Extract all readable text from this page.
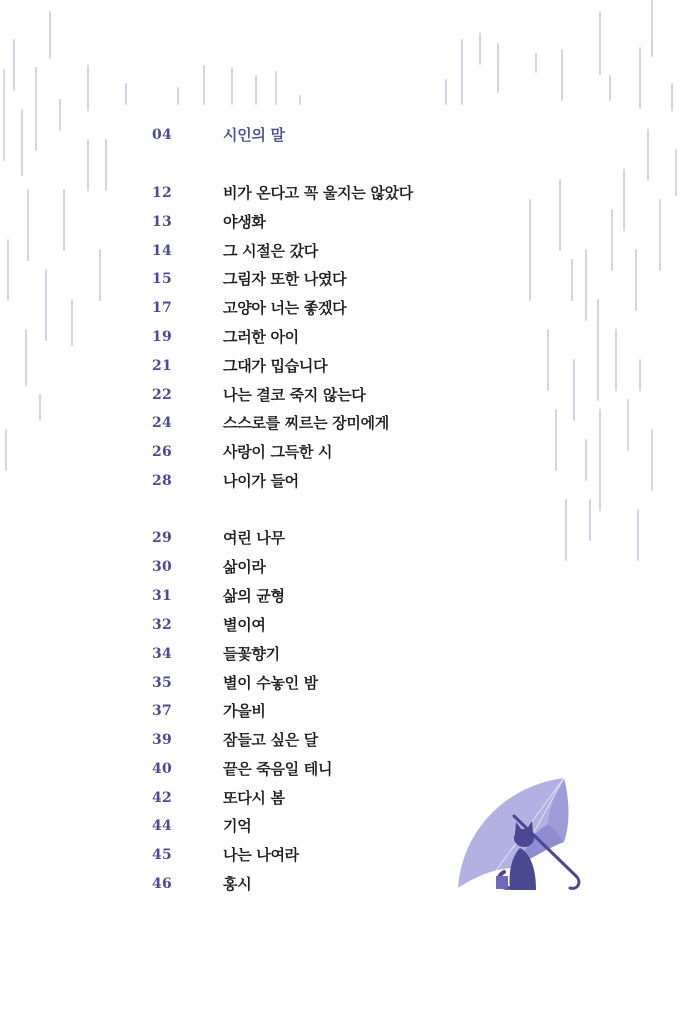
04	시인의 말
12	비가 온다고 꼭 울지는 않았다
13	야생화
14	그 시절은 갔다
15	그림자 또한 나였다
17	고양아 너는 좋겠다
19	그러한 아이
21	그대가 밉습니다
22	나는 결코 죽지 않는다
24	스스로를 찌르는 장미에게
26	사랑이 그득한 시
28	나이가 들어
29	여린 나무
30	삶이라
31	삶의 균형
32	별이여
34	들꽃향기
35	별이 수놓인 밤
37	가을비
39	잠들고 싶은 달
40	끝은 죽음일 테니
42	또다시 봄
44	기억
45	나는 나여라
46	홍시
